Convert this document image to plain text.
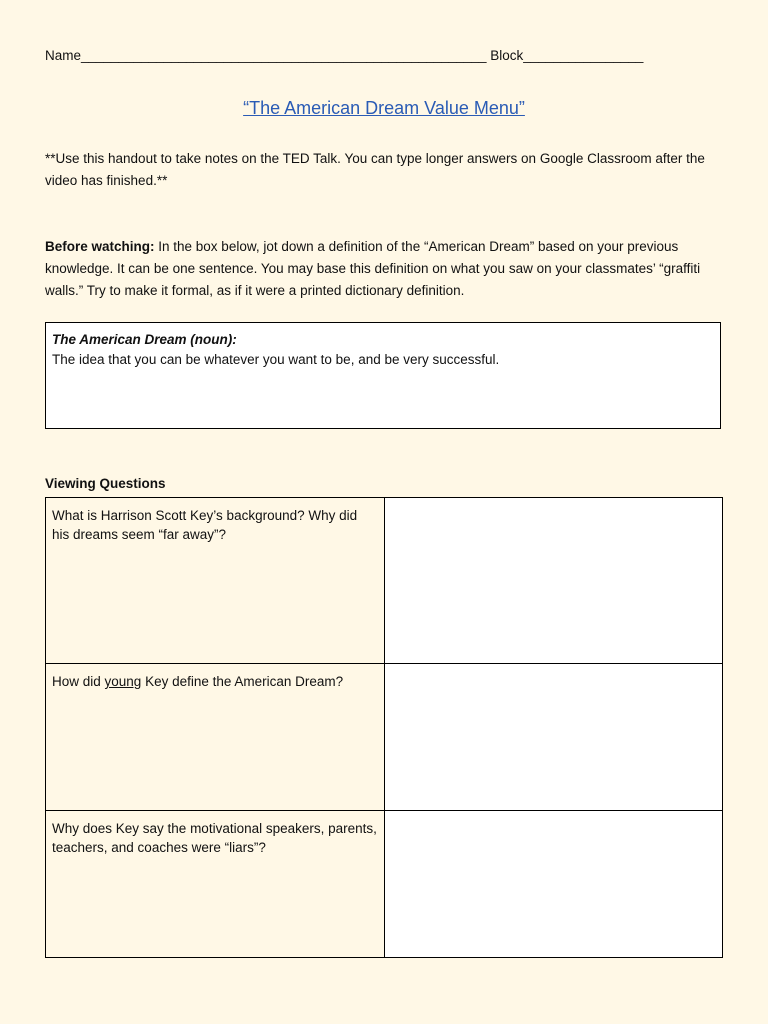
Name______________________________________________________ Block________________
“The American Dream Value Menu”
**Use this handout to take notes on the TED Talk. You can type longer answers on Google Classroom after the video has finished.**
Before watching: In the box below, jot down a definition of the “American Dream” based on your previous knowledge. It can be one sentence. You may base this definition on what you saw on your classmates’ “graffiti walls.” Try to make it formal, as if it were a printed dictionary definition.
The American Dream (noun):
The idea that you can be whatever you want to be, and be very successful.
Viewing Questions
What is Harrison Scott Key’s background? Why did his dreams seem “far away”?	
How did young Key define the American Dream?	
Why does Key say the motivational speakers, parents, teachers, and coaches were “liars”?	
